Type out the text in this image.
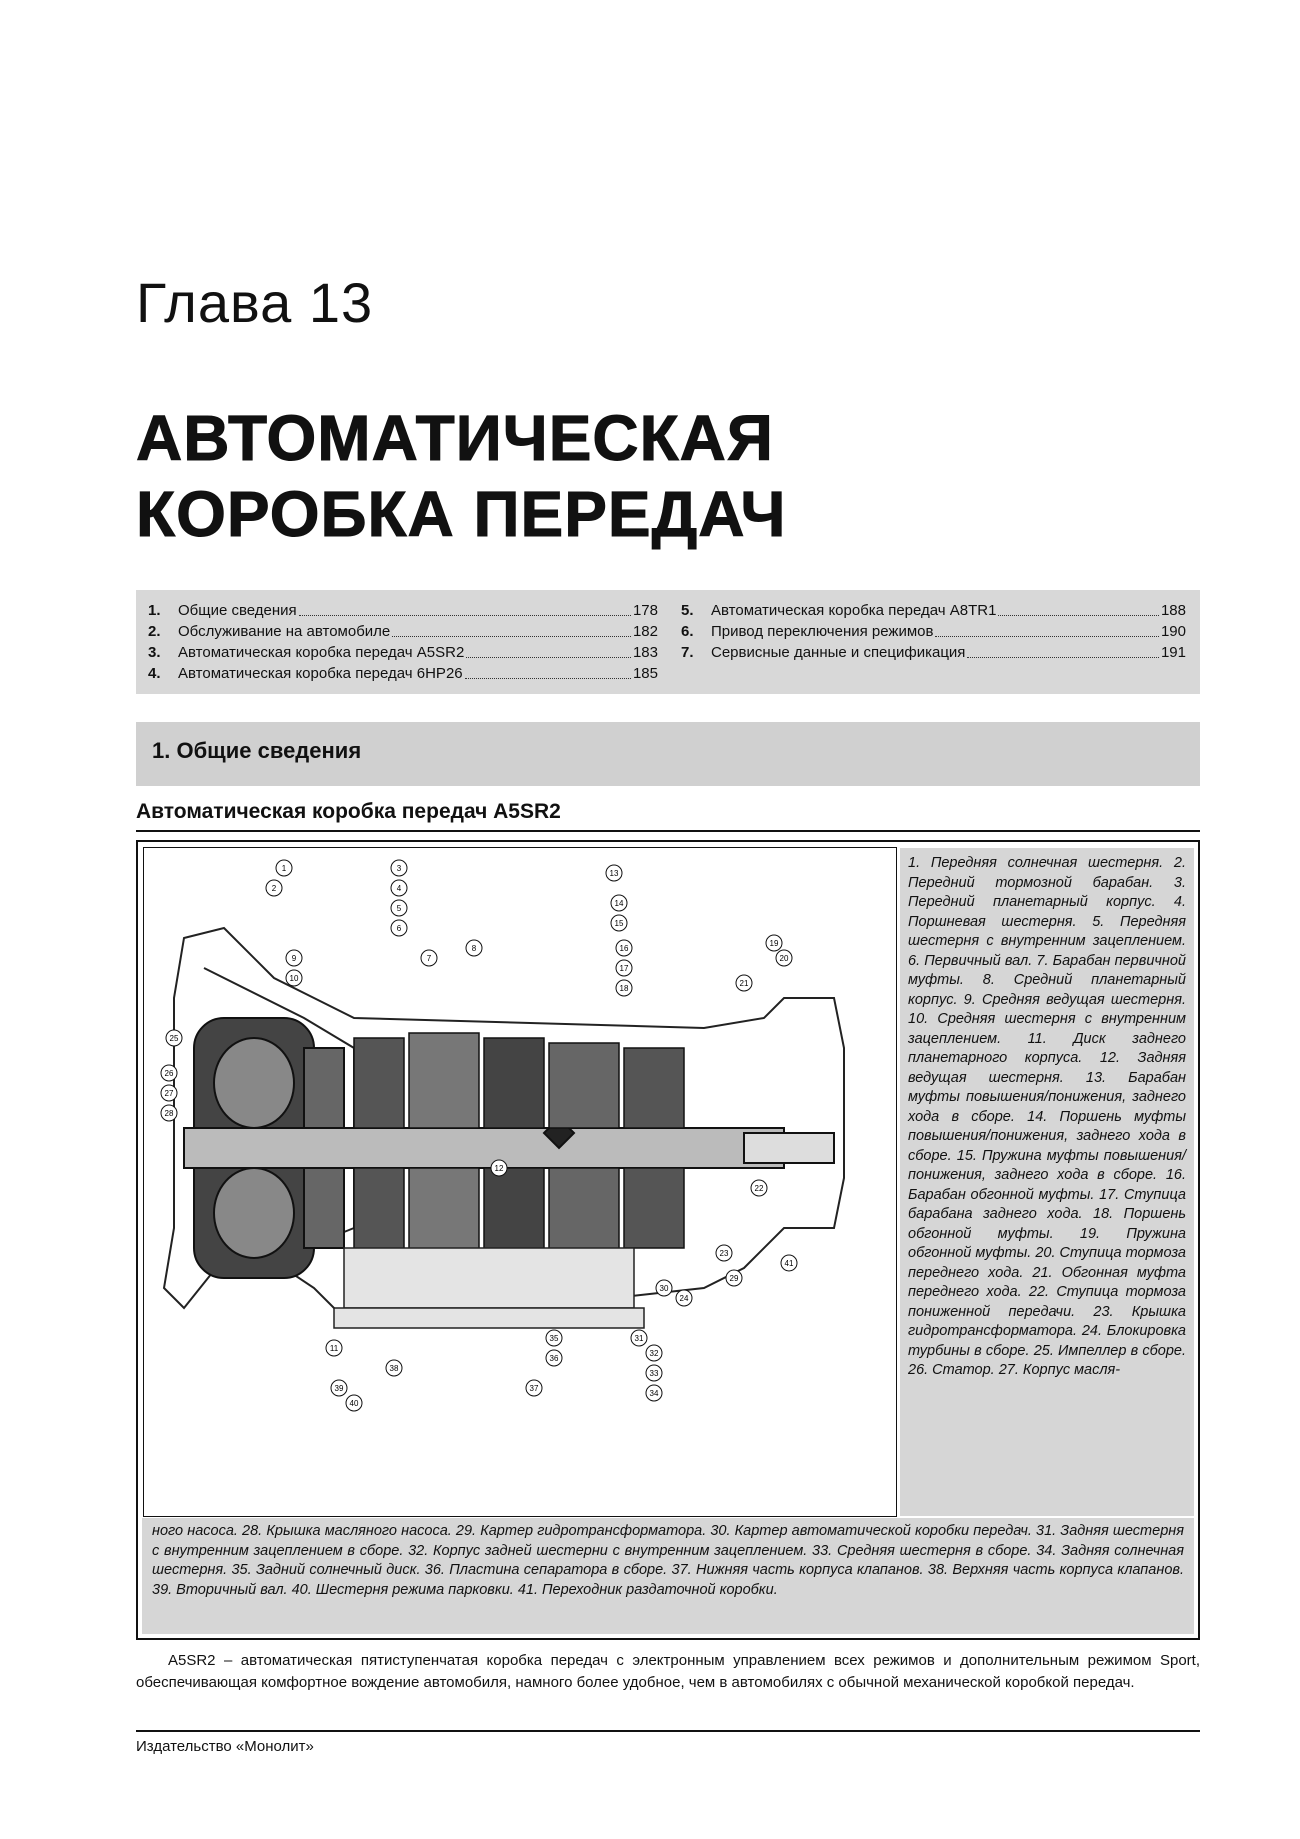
Глава 13
АВТОМАТИЧЕСКАЯ
КОРОБКА ПЕРЕДАЧ
1.	Общие сведения	178
2.	Обслуживание на автомобиле	182
3.	Автоматическая коробка передач A5SR2	183
4.	Автоматическая коробка передач 6HP26	185
5.	Автоматическая коробка передач A8TR1	188
6.	Привод переключения режимов	190
7.	Сервисные данные и спецификация	191
1. Общие сведения
Автоматическая коробка передач A5SR2
1
2
3
4
5
6
7
8
9
10
11
12
13
14
15
16
17
18
19
20
21
22
23
24
25
26
27
28
29
30
31
32
33
34
35
36
37
38
39
40
41
1. Передняя солнечная шестерня. 2. Передний тормозной барабан. 3. Передний планетарный корпус. 4. Поршневая шестерня. 5. Передняя шестерня с внутренним зацеплением. 6. Первичный вал. 7. Барабан первичной муфты. 8. Средний планетарный корпус. 9. Средняя ведущая шестерня. 10. Средняя шестерня с внутренним зацеплением. 11. Диск заднего планетарного корпуса. 12. Задняя ведущая шестерня. 13. Барабан муфты повышения/понижения, заднего хода в сборе. 14. Поршень муфты повышения/понижения, заднего хода в сборе. 15. Пружина муфты повышения/понижения, заднего хода в сборе. 16. Барабан обгонной муфты. 17. Ступица барабана заднего хода. 18. Поршень обгонной муфты. 19. Пружина обгонной муфты. 20. Ступица тормоза переднего хода. 21. Обгонная муфта переднего хода. 22. Ступица тормоза пониженной передачи. 23. Крышка гидротрансформатора. 24. Блокировка турбины в сборе. 25. Импеллер в сборе. 26. Статор. 27. Корпус масля-
ного насоса. 28. Крышка масляного насоса. 29. Картер гидротрансформатора. 30. Картер автоматической коробки передач. 31. Задняя шестерня с внутренним зацеплением в сборе. 32. Корпус задней шестерни с внутренним зацеплением. 33. Средняя шестерня в сборе. 34. Задняя солнечная шестерня. 35. Задний солнечный диск. 36. Пластина сепаратора в сборе. 37. Нижняя часть корпуса клапанов. 38. Верхняя часть корпуса клапанов. 39. Вторичный вал. 40. Шестерня режима парковки. 41. Переходник раздаточной коробки.
A5SR2 – автоматическая пятиступенчатая коробка передач с электронным управлением всех режимов и дополнительным режимом Sport, обеспечивающая комфортное вождение автомобиля, намного более удобное, чем в автомобилях с обычной механической коробкой передач.
Издательство «Монолит»
